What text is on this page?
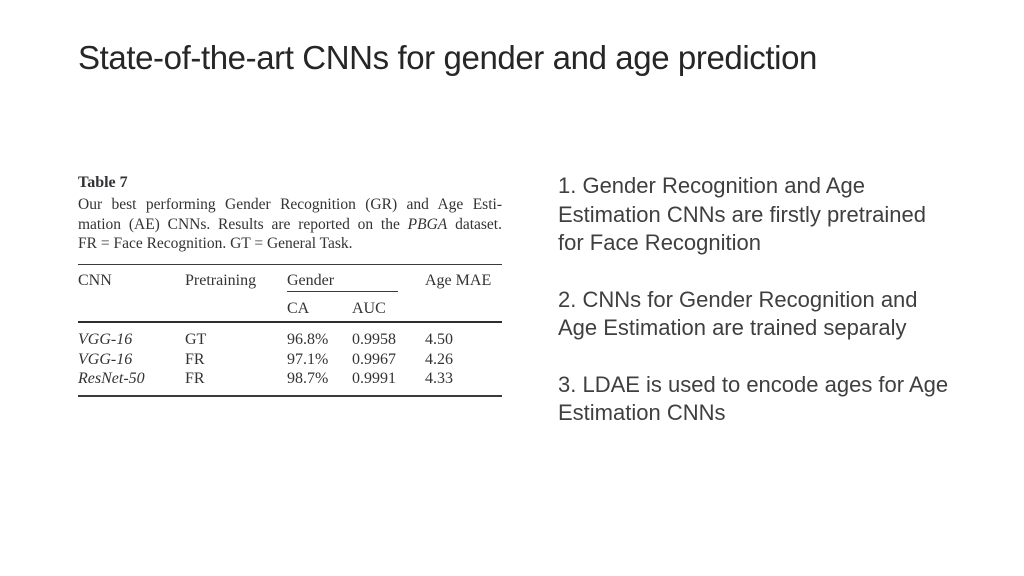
State-of-the-art CNNs for gender and age prediction
Table 7
Our best performing Gender Recognition (GR) and Age Esti-
mation (AE) CNNs. Results are reported on the PBGA dataset.
FR = Face Recognition. GT = General Task.
CNN	Pretraining	Gender		Age MAE
		CA	AUC	
VGG-16	GT	96.8%	0.9958	4.50
VGG-16	FR	97.1%	0.9967	4.26
ResNet-50	FR	98.7%	0.9991	4.33

1. Gender Recognition and Age
Estimation CNNs are firstly pretrained
for Face Recognition

2. CNNs for Gender Recognition and
Age Estimation are trained separaly

3. LDAE is used to encode ages for Age
Estimation CNNs
